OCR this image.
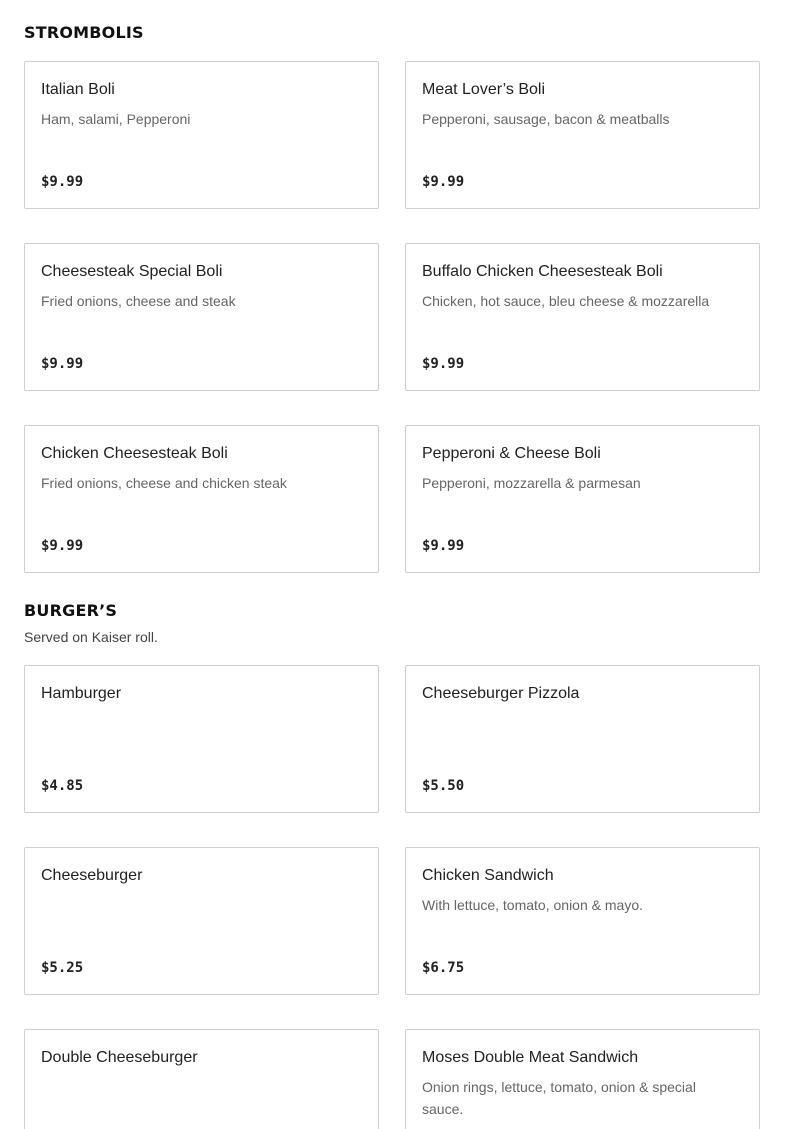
STROMBOLIS
Italian Boli
Ham, salami, Pepperoni
$9.99
Meat Lover’s Boli
Pepperoni, sausage, bacon & meatballs
$9.99
Cheesesteak Special Boli
Fried onions, cheese and steak
$9.99
Buffalo Chicken Cheesesteak Boli
Chicken, hot sauce, bleu cheese & mozzarella
$9.99
Chicken Cheesesteak Boli
Fried onions, cheese and chicken steak
$9.99
Pepperoni & Cheese Boli
Pepperoni, mozzarella & parmesan
$9.99
BURGER’S

Served on Kaiser roll.

Hamburger
$4.85
Cheeseburger Pizzola
$5.50
Cheeseburger
$5.25
Chicken Sandwich
With lettuce, tomato, onion & mayo.
$6.75
Double Cheeseburger	Moses Double Meat Sandwich
Onion rings, lettuce, tomato, onion & special sauce.
